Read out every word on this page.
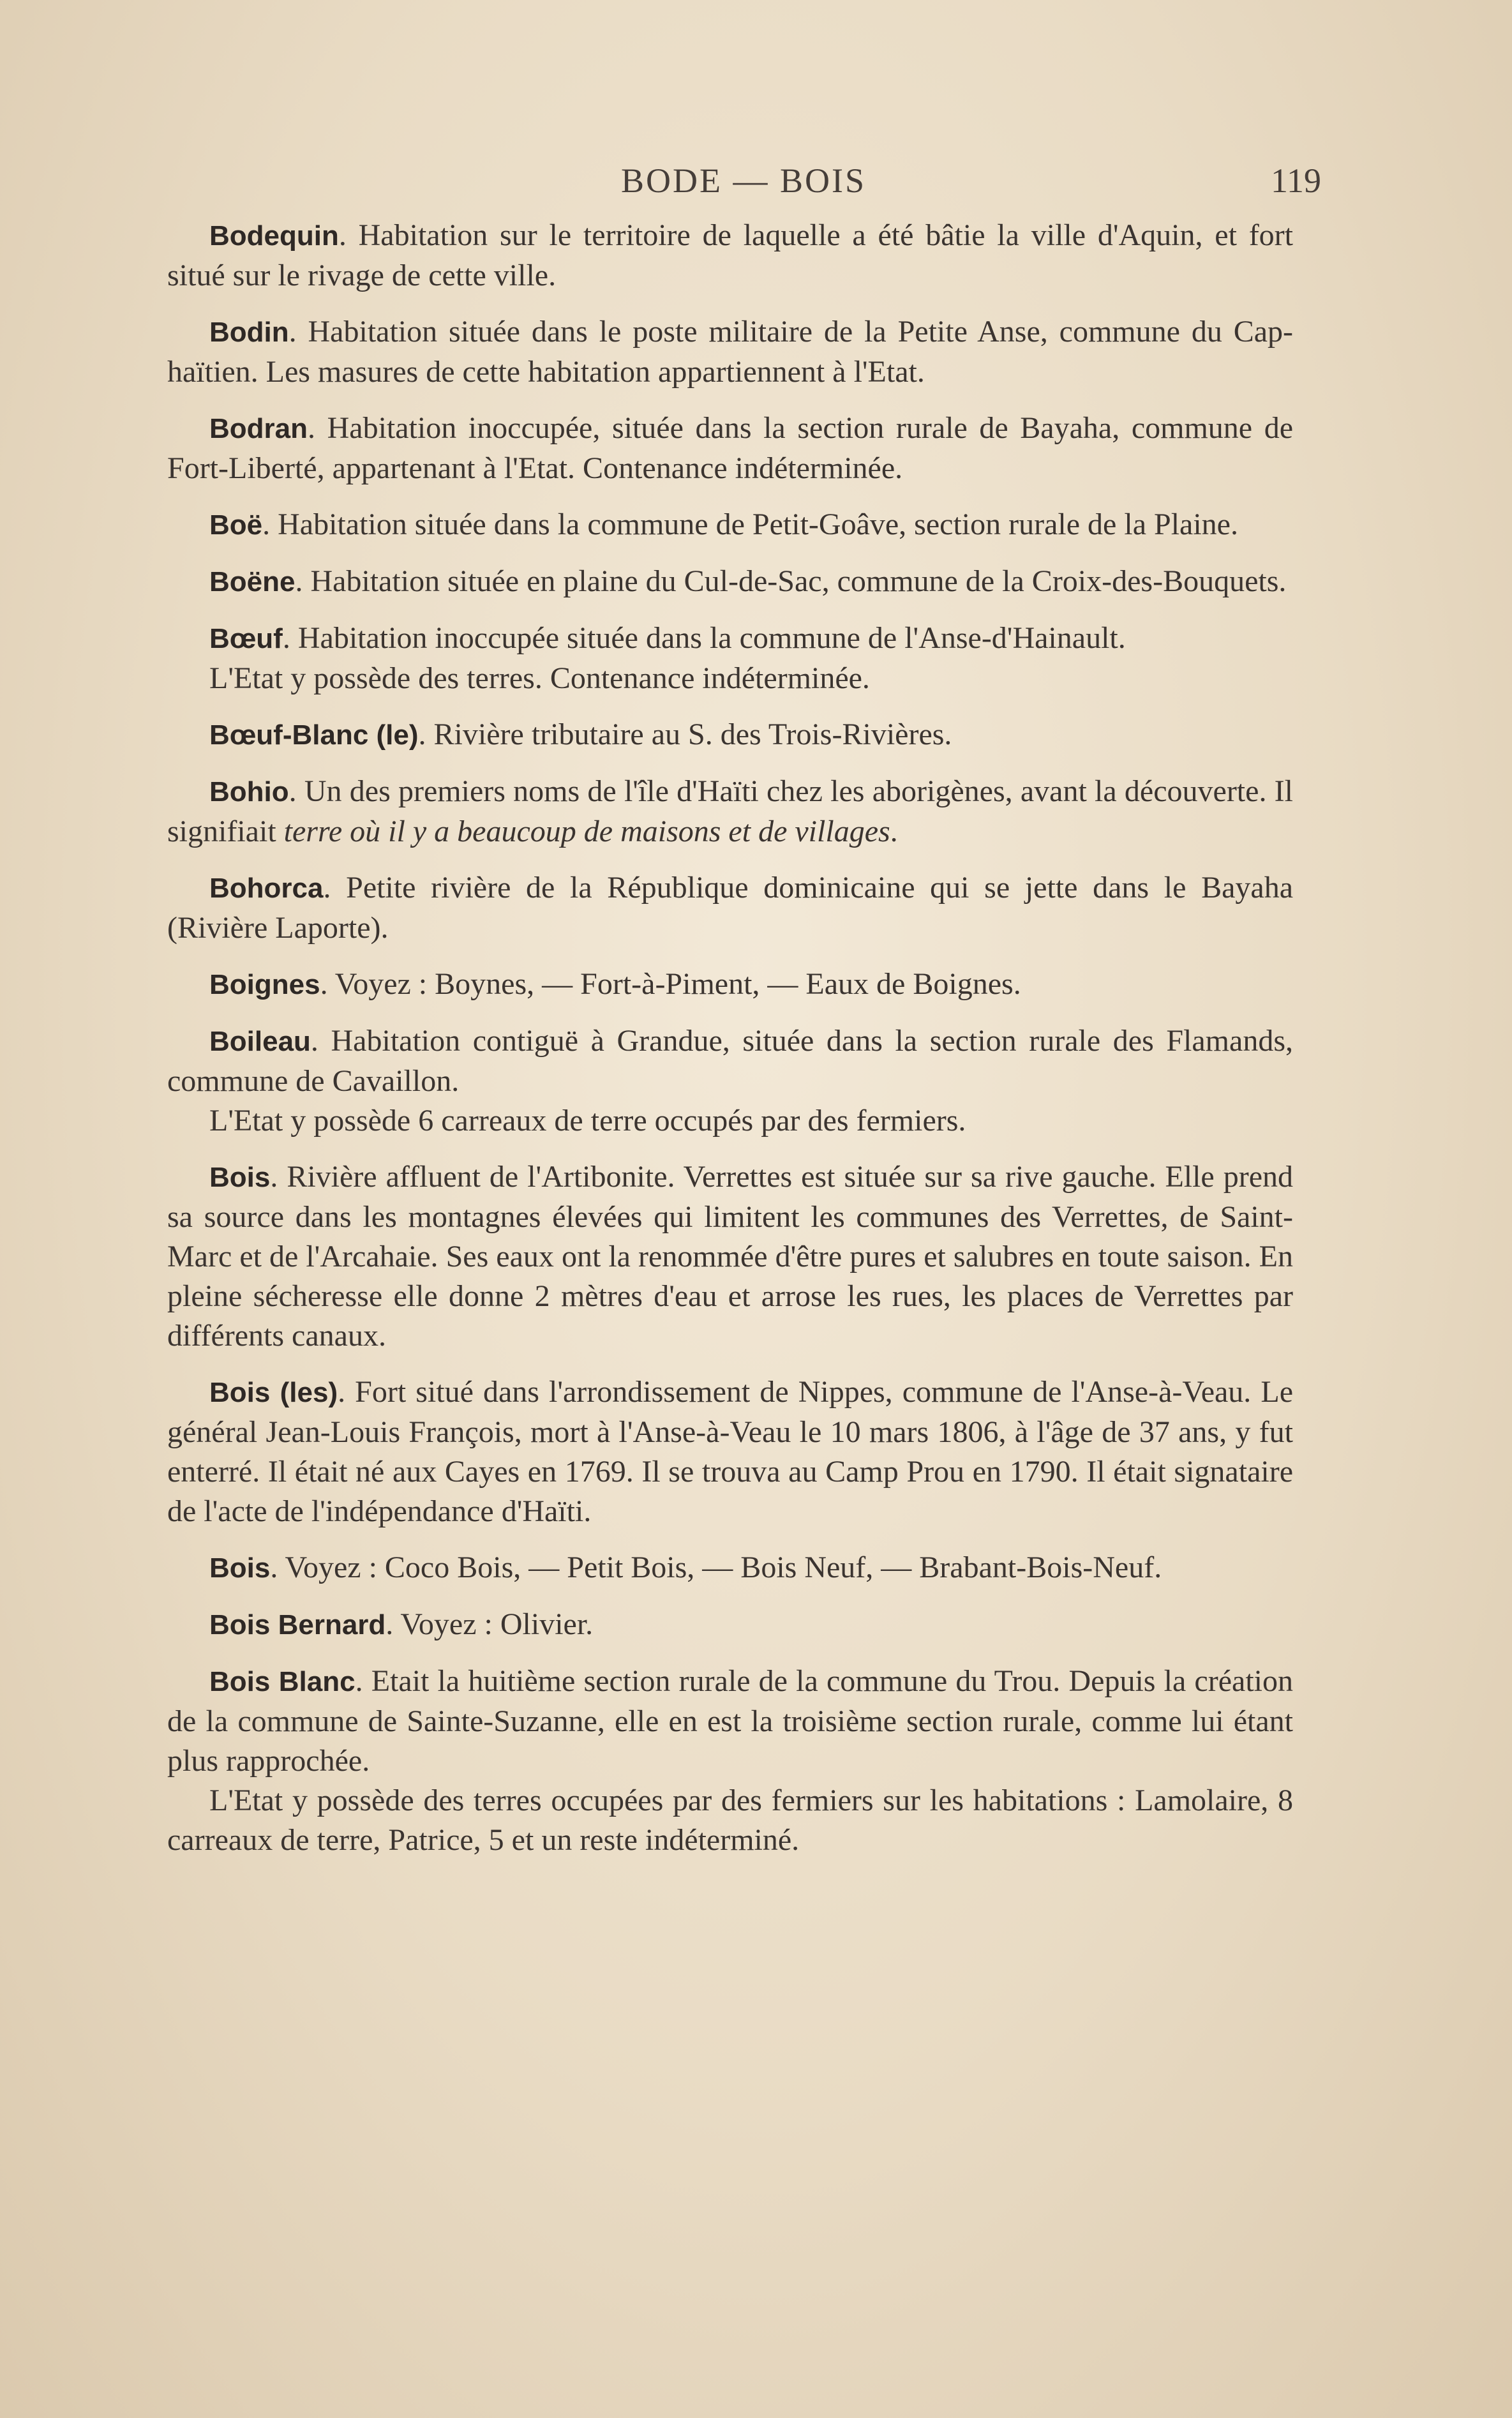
BODE — BOIS	119

Bodequin. Habitation sur le territoire de laquelle a été bâtie la ville d'Aquin, et fort situé sur le rivage de cette ville.

Bodin. Habitation située dans le poste militaire de la Petite Anse, commune du Cap-haïtien. Les masures de cette habitation appartiennent à l'Etat.

Bodran. Habitation inoccupée, située dans la section rurale de Bayaha, commune de Fort-Liberté, appartenant à l'Etat. Contenance indéterminée.

Boë. Habitation située dans la commune de Petit-Goâve, section rurale de la Plaine.

Boëne. Habitation située en plaine du Cul-de-Sac, commune de la Croix-des-Bouquets.

Bœuf. Habitation inoccupée située dans la commune de l'Anse-d'Hainault.

L'Etat y possède des terres. Contenance indéterminée.

Bœuf-Blanc (le). Rivière tributaire au S. des Trois-Rivières.

Bohio. Un des premiers noms de l'île d'Haïti chez les aborigènes, avant la découverte. Il signifiait terre où il y a beaucoup de maisons et de villages.

Bohorca. Petite rivière de la République dominicaine qui se jette dans le Bayaha (Rivière Laporte).

Boignes. Voyez : Boynes, — Fort-à-Piment, — Eaux de Boignes.

Boileau. Habitation contiguë à Grandue, située dans la section rurale des Flamands, commune de Cavaillon.

L'Etat y possède 6 carreaux de terre occupés par des fermiers.

Bois. Rivière affluent de l'Artibonite. Verrettes est située sur sa rive gauche. Elle prend sa source dans les montagnes élevées qui limitent les communes des Verrettes, de Saint-Marc et de l'Arcahaie. Ses eaux ont la renommée d'être pures et salubres en toute saison. En pleine sécheresse elle donne 2 mètres d'eau et arrose les rues, les places de Verrettes par différents canaux.

Bois (les). Fort situé dans l'arrondissement de Nippes, commune de l'Anse-à-Veau. Le général Jean-Louis François, mort à l'Anse-à-Veau le 10 mars 1806, à l'âge de 37 ans, y fut enterré. Il était né aux Cayes en 1769. Il se trouva au Camp Prou en 1790. Il était signataire de l'acte de l'indépendance d'Haïti.

Bois. Voyez : Coco Bois, — Petit Bois, — Bois Neuf, — Brabant-Bois-Neuf.

Bois Bernard. Voyez : Olivier.

Bois Blanc. Etait la huitième section rurale de la commune du Trou. Depuis la création de la commune de Sainte-Suzanne, elle en est la troisième section rurale, comme lui étant plus rapprochée.

L'Etat y possède des terres occupées par des fermiers sur les habitations : Lamolaire, 8 carreaux de terre, Patrice, 5 et un reste indéterminé.
